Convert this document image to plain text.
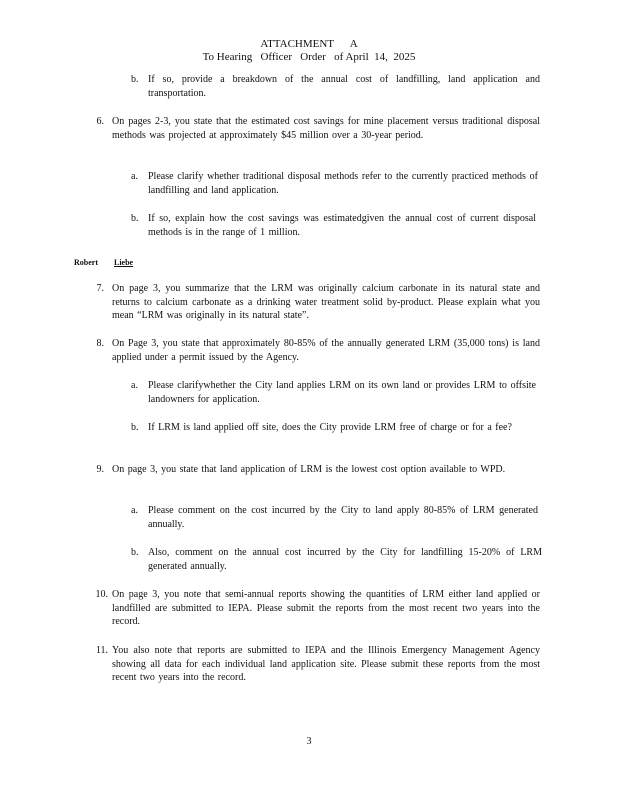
ATTACHMENT      A
To Hearing   Officer   Order   of April  14,  2025
b. If so, provide a breakdown of the annual cost of landfilling, land application and transportation.
6. On pages 2-3, you state that the estimated cost savings for mine placement versus traditional disposal methods was projected at approximately $45 million over a 30-year period.
a. Please clarify whether traditional disposal methods refer to the currently practiced methods of landfilling and land application.
b. If so, explain how the cost savings was estimatedgiven the annual cost of current disposal methods is in the range of 1 million.
Robert Liebe
7. On page 3, you summarize that the LRM was originally calcium carbonate in its natural state and returns to calcium carbonate as a drinking water treatment solid by-product. Please explain what you mean “LRM was originally in its natural state”.
8. On Page 3, you state that approximately 80-85% of the annually generated LRM (35,000 tons) is land applied under a permit issued by the Agency.
a. Please clarifywhether the City land applies LRM on its own land or provides LRM to offsite landowners for application.
b. If LRM is land applied off site, does the City provide LRM free of charge or for a fee?
9. On page 3, you state that land application of LRM is the lowest cost option available to WPD.
a. Please comment on the cost incurred by the City to land apply 80-85% of LRM generated annually.
b. Also, comment on the annual cost incurred by the City for landfilling 15-20% of LRM generated annually.
10. On page 3, you note that semi-annual reports showing the quantities of LRM either land applied or landfilled are submitted to IEPA. Please submit the reports from the most recent two years into the record.
11. You also note that reports are submitted to IEPA and the Illinois Emergency Management Agency showing all data for each individual land application site. Please submit these reports from the most recent two years into the record.
3
